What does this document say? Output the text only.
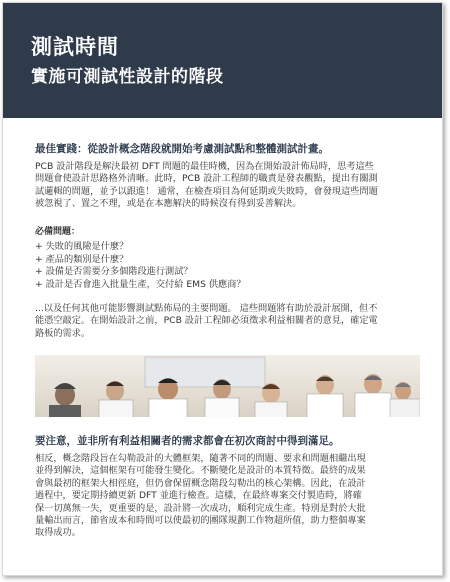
測試時間
實施可測試性設計的階段
最佳實踐：從設計概念階段就開始考慮測試點和整體測試計畫。
PCB 設計階段是解決最初 DFT 問題的最佳時機，因為在開始設計佈局時，思考這些
問題會使設計思路格外清晰。此時，PCB 設計工程師的職責是發表觀點，提出有關測
試邏輯的問題，並予以跟進！ 通常，在檢查項目為何延期或失敗時，會發現這些問題
被忽視了、置之不理，或是在本應解決的時候沒有得到妥善解決。
必備問題：
+ 失敗的風險是什麼？
+ 產品的類別是什麼？
+ 設備是否需要分多個階段進行測試？
+ 設計是否會進入批量生產，交付給 EMS 供應商？
...以及任何其他可能影響測試點佈局的主要問題。 這些問題將有助於設計展開，但不
能憑空敲定。在開始設計之前，PCB 設計工程師必須徵求利益相關者的意見，確定電
路板的需求。
要注意，並非所有利益相關者的需求都會在初次商討中得到滿足。
相反，概念階段旨在勾勒設計的大體框架，隨著不同的問題、要求和問題相繼出現
並得到解決，這個框架有可能發生變化。不斷變化是設計的本質特徵。最終的成果
會與最初的框架大相徑庭，但仍會保留概念階段勾勒出的核心架構。因此，在設計
過程中，要定期持續更新 DFT 並進行檢查。這樣，在最終專案交付製造時，將確
保一切萬無一失，更重要的是，設計將一次成功，順利完成生產。特別是對於大批
量輸出而言，節省成本和時間可以使最初的團隊規劃工作物超所值，助力整個專案
取得成功。
